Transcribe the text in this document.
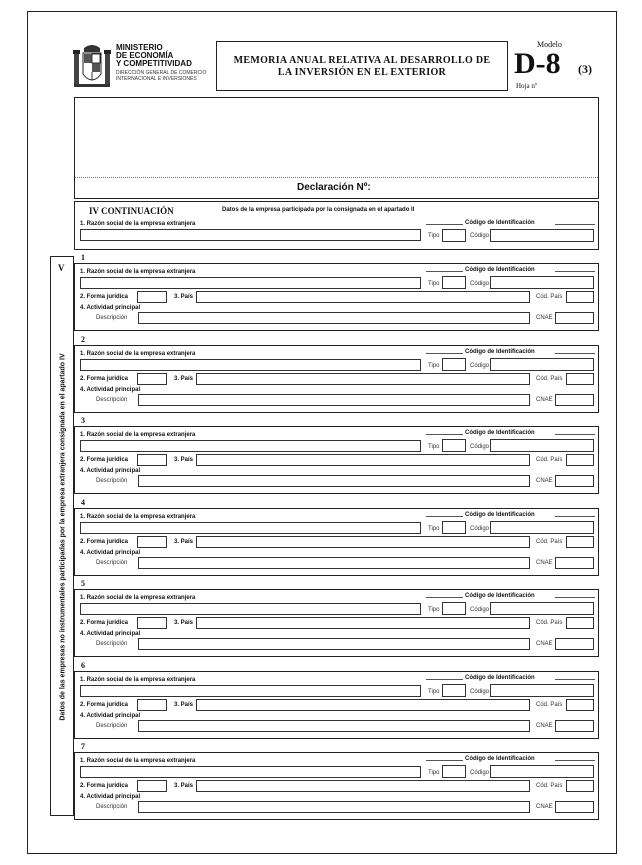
MINISTERIO
DE ECONOMÍA
Y COMPETITIVIDAD
DIRECCIÓN GENERAL DE COMERCIO
INTERNACIONAL E INVERSIONES
MEMORIA ANUAL RELATIVA AL DESARROLLO DE LA INVERSIÓN EN EL EXTERIOR
Modelo
D-8 (3)
Hoja nº
Declaración Nº:
IV CONTINUACIÓN	Datos de la empresa participada por la consignada en el apartado II
1. Razón social de la empresa extranjera	Código de Identificación
Tipo	Código
V
Datos de las empresas no instrumentales participadas por la empresa extranjera consignada en el apartado IV
1
1. Razón social de la empresa extranjera	Código de Identificación
Tipo	Código
2. Forma jurídica	3. País	Cód. País
4. Actividad principal
Descripción	CNAE
2
1. Razón social de la empresa extranjera	Código de Identificación
Tipo	Código
2. Forma jurídica	3. País	Cód. País
4. Actividad principal
Descripción	CNAE
3
1. Razón social de la empresa extranjera	Código de Identificación
Tipo	Código
2. Forma jurídica	3. País	Cód. País
4. Actividad principal
Descripción	CNAE
4
1. Razón social de la empresa extranjera	Código de Identificación
Tipo	Código
2. Forma jurídica	3. País	Cód. País
4. Actividad principal
Descripción	CNAE
5
1. Razón social de la empresa extranjera	Código de Identificación
Tipo	Código
2. Forma jurídica	3. País	Cód. País
4. Actividad principal
Descripción	CNAE
6
1. Razón social de la empresa extranjera	Código de Identificación
Tipo	Código
2. Forma jurídica	3. País	Cód. País
4. Actividad principal
Descripción	CNAE
7
1. Razón social de la empresa extranjera	Código de Identificación
Tipo	Código
2. Forma jurídica	3. País	Cód. País
4. Actividad principal
Descripción	CNAE
